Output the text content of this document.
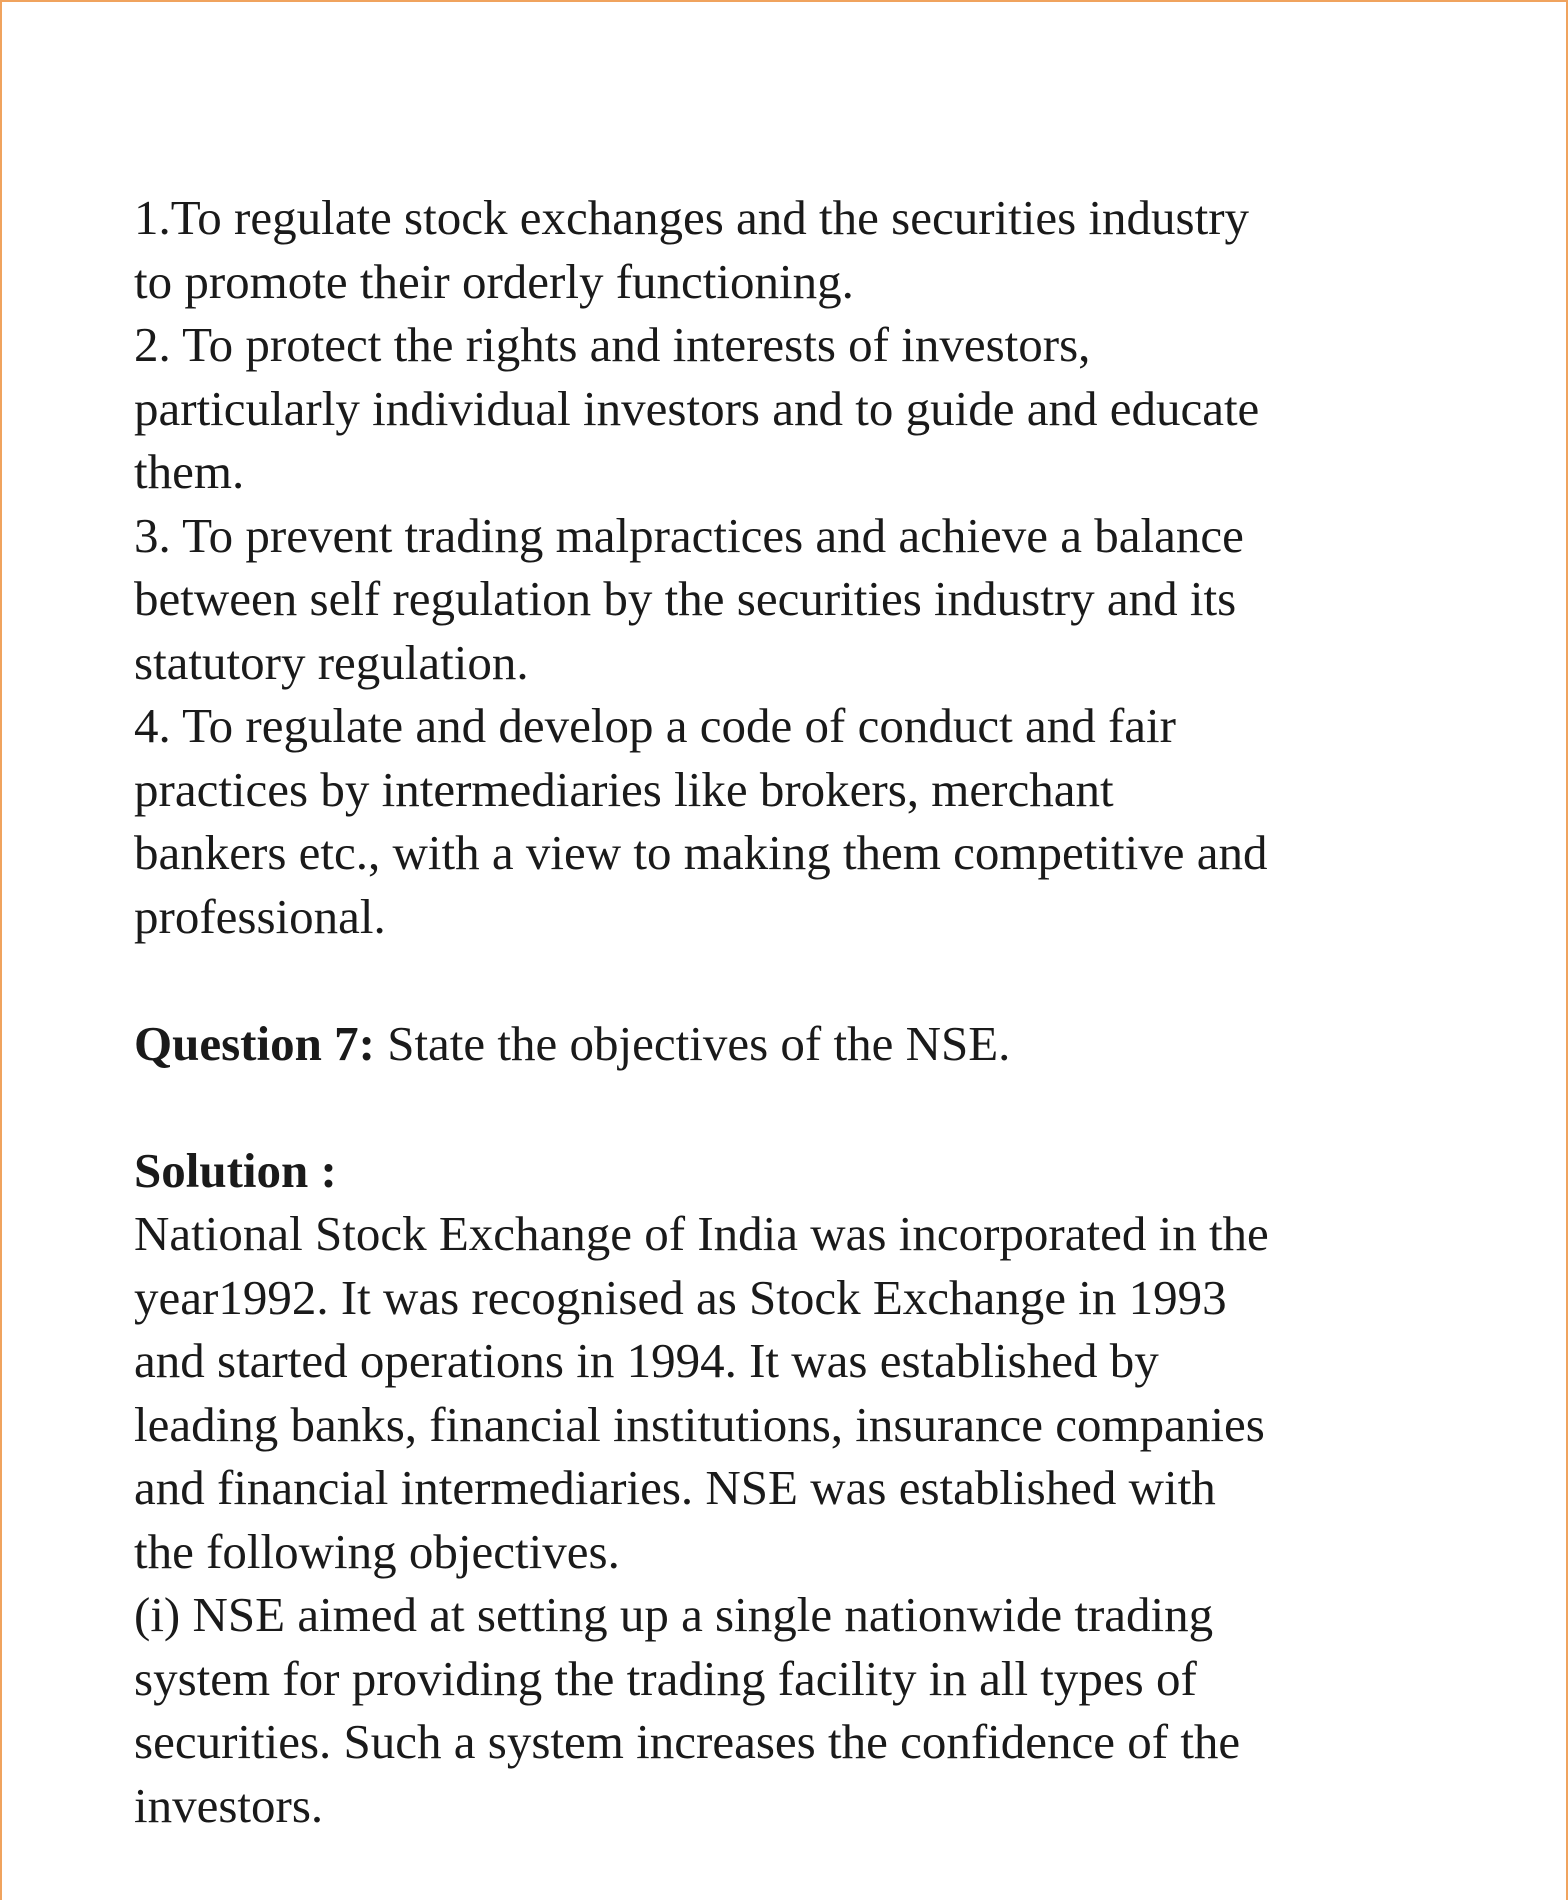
1.To regulate stock exchanges and the securities industry
to promote their orderly functioning.
2. To protect the rights and interests of investors,
particularly individual investors and to guide and educate
them.
3. To prevent trading malpractices and achieve a balance
between self regulation by the securities industry and its
statutory regulation.
4. To regulate and develop a code of conduct and fair
practices by intermediaries like brokers, merchant
bankers etc., with a view to making them competitive and
professional.
Question 7: State the objectives of the NSE.
Solution :
National Stock Exchange of India was incorporated in the
year1992. It was recognised as Stock Exchange in 1993
and started operations in 1994. It was established by
leading banks, financial institutions, insurance companies
and financial intermediaries. NSE was established with
the following objectives.
(i) NSE aimed at setting up a single nationwide trading
system for providing the trading facility in all types of
securities. Such a system increases the confidence of the
investors.
